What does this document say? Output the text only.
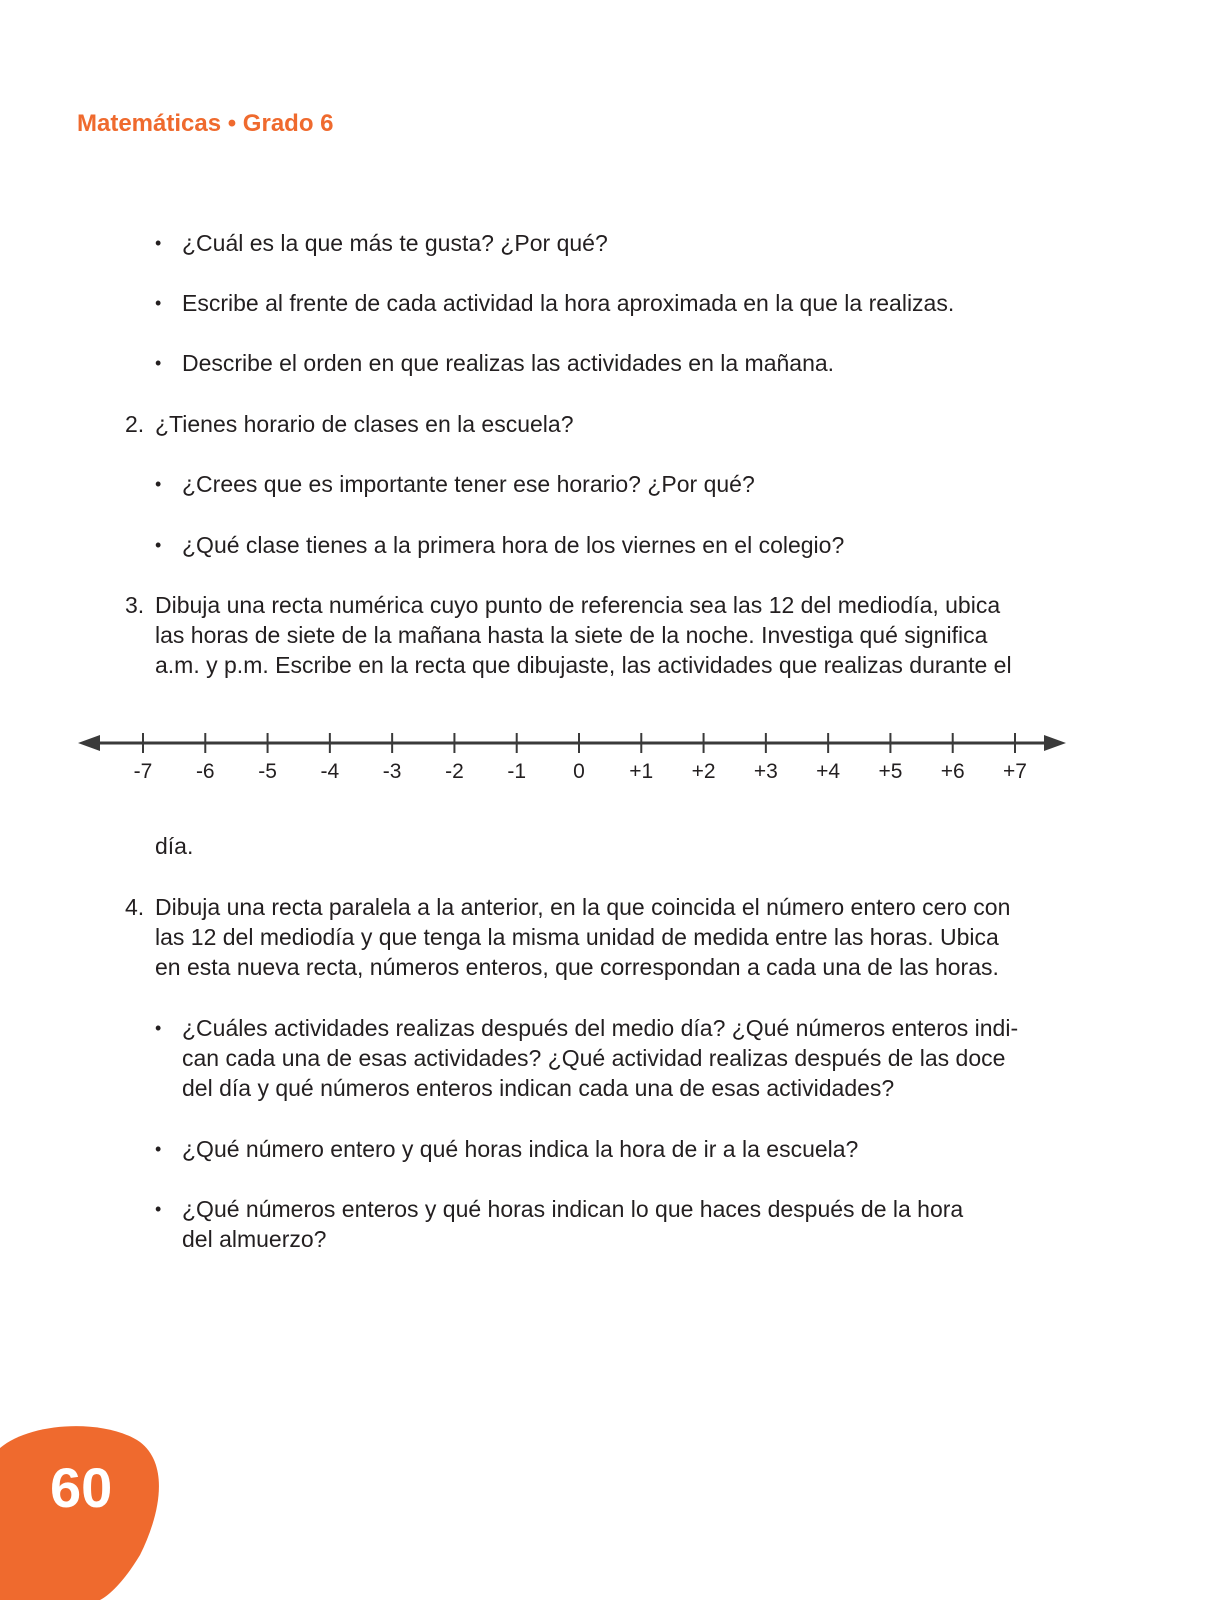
Matemáticas • Grado 6
• ¿Cuál es la que más te gusta? ¿Por qué?
• Escribe al frente de cada actividad la hora aproximada en la que la realizas.
• Describe el orden en que realizas las actividades en la mañana.
2. ¿Tienes horario de clases en la escuela?
• ¿Crees que es importante tener ese horario? ¿Por qué?
• ¿Qué clase tienes a la primera hora de los viernes en el colegio?
3. Dibuja una recta numérica cuyo punto de referencia sea las 12 del mediodía, ubica
las horas de siete de la mañana hasta la siete de la noche. Investiga qué significa
a.m. y p.m. Escribe en la recta que dibujaste, las actividades que realizas durante el
-7 -6 -5 -4 -3 -2 -1 0 +1 +2 +3 +4 +5 +6 +7
día.
4. Dibuja una recta paralela a la anterior, en la que coincida el número entero cero con
las 12 del mediodía y que tenga la misma unidad de medida entre las horas. Ubica
en esta nueva recta, números enteros, que correspondan a cada una de las horas.
• ¿Cuáles actividades realizas después del medio día? ¿Qué números enteros indi-
can cada una de esas actividades? ¿Qué actividad realizas después de las doce
del día y qué números enteros indican cada una de esas actividades?
• ¿Qué número entero y qué horas indica la hora de ir a la escuela?
• ¿Qué números enteros y qué horas indican lo que haces después de la hora
del almuerzo?
60
